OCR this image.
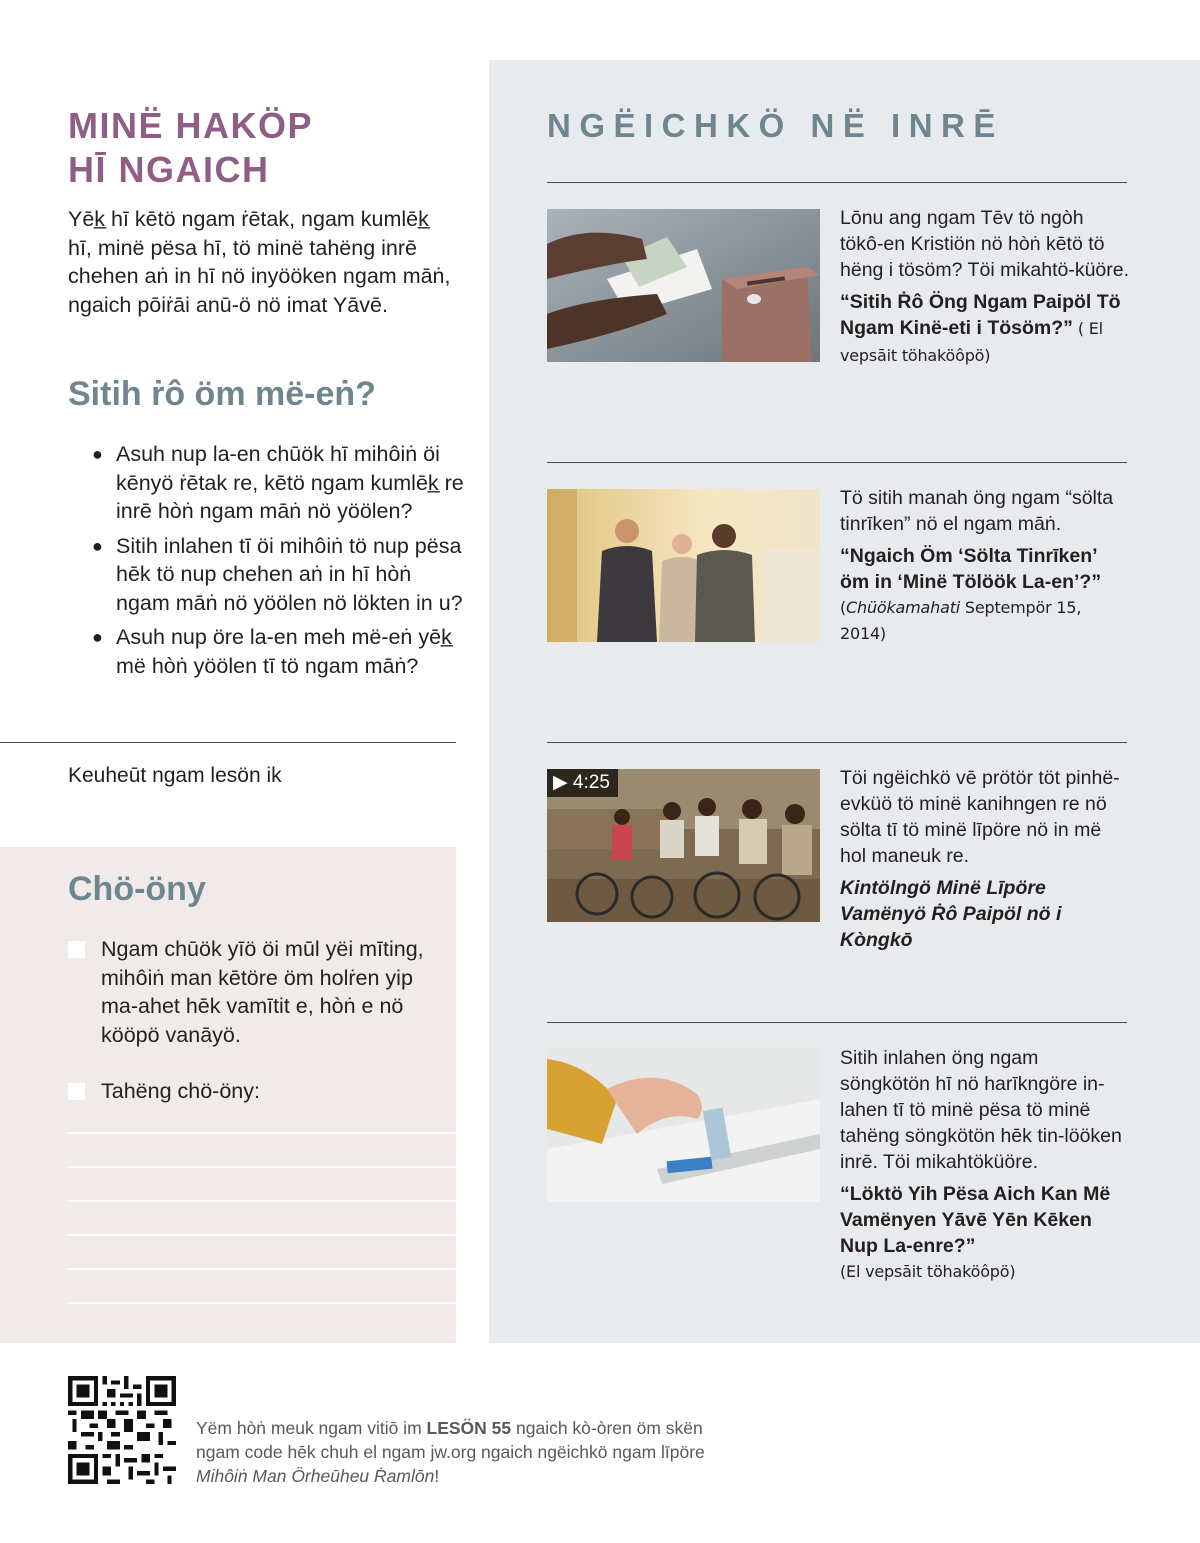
MINË HAKÖP
HĪ NGAICH

Yēk̲ hī kētö ngam ṙētak, ngam kumlēk̲ hī, minë pësa hī, tö minë tahëng inrē chehen aṅ in hī nö inyööken ngam māṅ, ngaich pōiṙāi anū-ö nö imat Yāvē.

Sitih ṙô öm më-eṅ?
● Asuh nup la-en chūök hī mihôiṅ öi kēnyö ṙētak re, kētö ngam kumlēk̲ re inrē hòṅ ngam māṅ nö yöölen?
● Sitih inlahen tī öi mihôiṅ tö nup pësa hēk tö nup chehen aṅ in hī hòṅ ngam māṅ nö yöölen nö lökten in u?
● Asuh nup öre la-en meh më-eṅ yēk̲ më hòṅ yöölen tī tö ngam māṅ?

Keuheūt ngam lesön ik

Chö-öny
Ngam chūök yīö öi mūl yëi mīting, mihôiṅ man kētöre öm holṙen yip ma-ahet hēk vamītit e, hòṅ e nö kööpö vanāyö.
Tahëng chö-öny:
NGËICHKÖ NË INRĒ

Lōnu ang ngam Tēv tö ngòh tökô-en Kristiön nö hòṅ kētö tö hëng i tösöm? Töi mikahtö-küöre.

“Sitih Ṙô Öng Ngam Paipöl Tö Ngam Kinë-eti i Tösöm?” ( El vepsāit töhaköôpö)

Tö sitih manah öng ngam “sölta tinrīken” nö el ngam māṅ.

“Ngaich Öm ‘Sölta Tinrīken’ öm in ‘Minë Tölöök La-en’?”

(Chüökamahati Septempör 15, 2014)

▶ 4:25	Töi ngëichkö vē prötör töt pinhë-evküö tö minë kanihngen re nö sölta tī tö minë līpöre nö in më hol maneuk re.

Kintölngö Minë Līpöre Vamënyö Ṙô Paipöl nö i Kòngkō

Sitih inlahen öng ngam söngkötön hī nö harīkngöre in-lahen tī tö minë pësa tö minë tahëng söngkötön hēk tin-lööken inrē. Töi mikahtöküöre.

“Löktö Yih Pësa Aich Kan Më Vamënyen Yāvē Yēn Kēken Nup La-enre?”

(El vepsāit töhaköôpö)

Yëm hòṅ meuk ngam vitiō im LESÖN 55 ngaich kò-òren öm skën ngam code hēk chuh el ngam jw.org ngaich ngëichkö ngam līpöre Mihôiṅ Man Örheūheu Ṙamlōn!
